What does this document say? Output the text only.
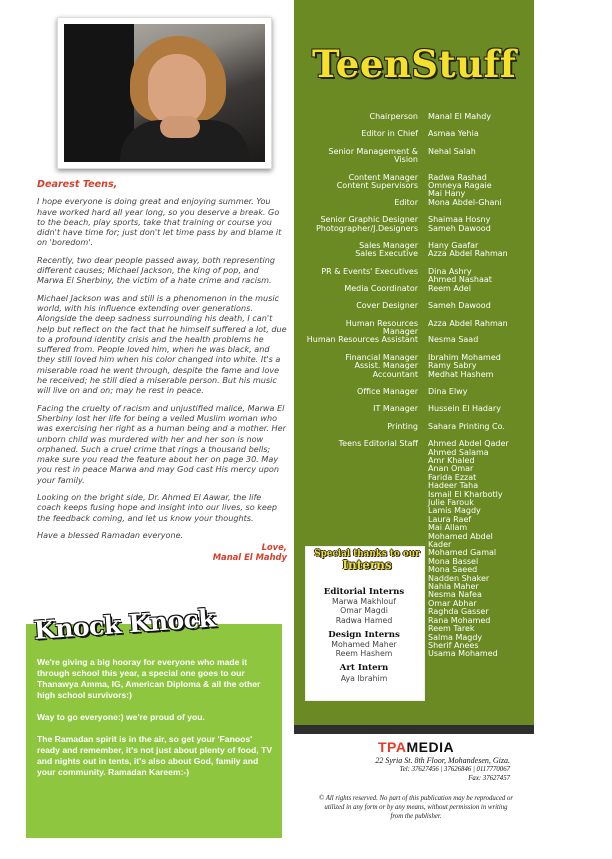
Dearest Teens,

I hope everyone is doing great and enjoying summer. You have worked hard all year long, so you deserve a break. Go to the beach, play sports, take that training or course you didn't have time for; just don't let time pass by and blame it on 'boredom'.

Recently, two dear people passed away, both representing different causes; Michael Jackson, the king of pop, and Marwa El Sherbiny, the victim of a hate crime and racism.

Michael Jackson was and still is a phenomenon in the music world, with his influence extending over generations. Alongside the deep sadness surrounding his death, I can't help but reflect on the fact that he himself suffered a lot, due to a profound identity crisis and the health problems he suffered from. People loved him, when he was black, and they still loved him when his color changed into white. It's a miserable road he went through, despite the fame and love he received; he still died a miserable person. But his music will live on and on; may he rest in peace.

Facing the cruelty of racism and unjustified malice, Marwa El Sherbiny lost her life for being a veiled Muslim woman who was exercising her right as a human being and a mother. Her unborn child was murdered with her and her son is now orphaned. Such a cruel crime that rings a thousand bells; make sure you read the feature about her on page 30. May you rest in peace Marwa and may God cast His mercy upon your family.

Looking on the bright side, Dr. Ahmed El Aawar, the life coach keeps fusing hope and insight into our lives, so keep the feedback coming, and let us know your thoughts.

Have a blessed Ramadan everyone.

Love,
Manal El Mahdy
Knock Knock

We're giving a big hooray for everyone who made it through school this year, a special one goes to our Thanawya Amma, IG, American Diploma & all the other high school survivors:)

Way to go everyone:) we're proud of you.

The Ramadan spirit is in the air, so get your 'Fanoos' ready and remember, it's not just about plenty of food, TV and nights out in tents, it's also about God, family and your community. Ramadan Kareem:-)

TeenStuff
Chairperson Manal El Mahdy
Editor in Chief Asmaa Yehia
Senior Management &
Vision
Nehal Salah
Content Manager
Content Supervisors

Editor
Radwa Rashad
Omneya Ragaie
Mai Hany
Mona Abdel-Ghani
Senior Graphic Designer
Photographer/J.Designers
Shaimaa Hosny
Sameh Dawood
Sales Manager
Sales Executive
Hany Gaafar
Azza Abdel Rahman
PR & Events' Executives

Media Coordinator
Dina Ashry
Ahmed Nashaat
Reem Adel
Cover Designer Sameh Dawood
Human Resources
Manager
Human Resources Assistant
Azza Abdel Rahman

Nesma Saad
Financial Manager
Assist. Manager
Accountant
Ibrahim Mohamed
Ramy Sabry
Medhat Hashem
Office Manager Dina Elwy
IT Manager Hussein El Hadary
Printing Sahara Printing Co.
Teens Editorial Staff Ahmed Abdel Qader
Ahmed Salama
Amr Khaled
Anan Omar
Farida Ezzat
Hadeer Taha
Ismail El Kharbotly
Julie Farouk
Lamis Magdy
Laura Raef
Mai Allam
Mohamed Abdel
Kader
Mohamed Gamal
Mona Bassel
Mona Saeed
Nadden Shaker
Nahla Maher
Nesma Nafea
Omar Abhar
Raghda Gasser
Rana Mohamed
Reem Tarek
Salma Magdy
Sherif Anees
Usama Mohamed
Special thanks to our
Interns
Editorial Interns
Marwa Makhlouf
Omar Magdi
Radwa Hamed
Design Interns
Mohamed Maher
Reem Hashem
Art Intern
Aya Ibrahim
TPAMEDIA
22 Syria St. 8th Floor, Mohandesen, Giza.
Tel: 37627456 | 37626846 | 0117770067
Fax: 37627457
© All rights reserved. No part of this publication may be reproduced or utilized in any form or by any means, without permission in writing from the publisher.
